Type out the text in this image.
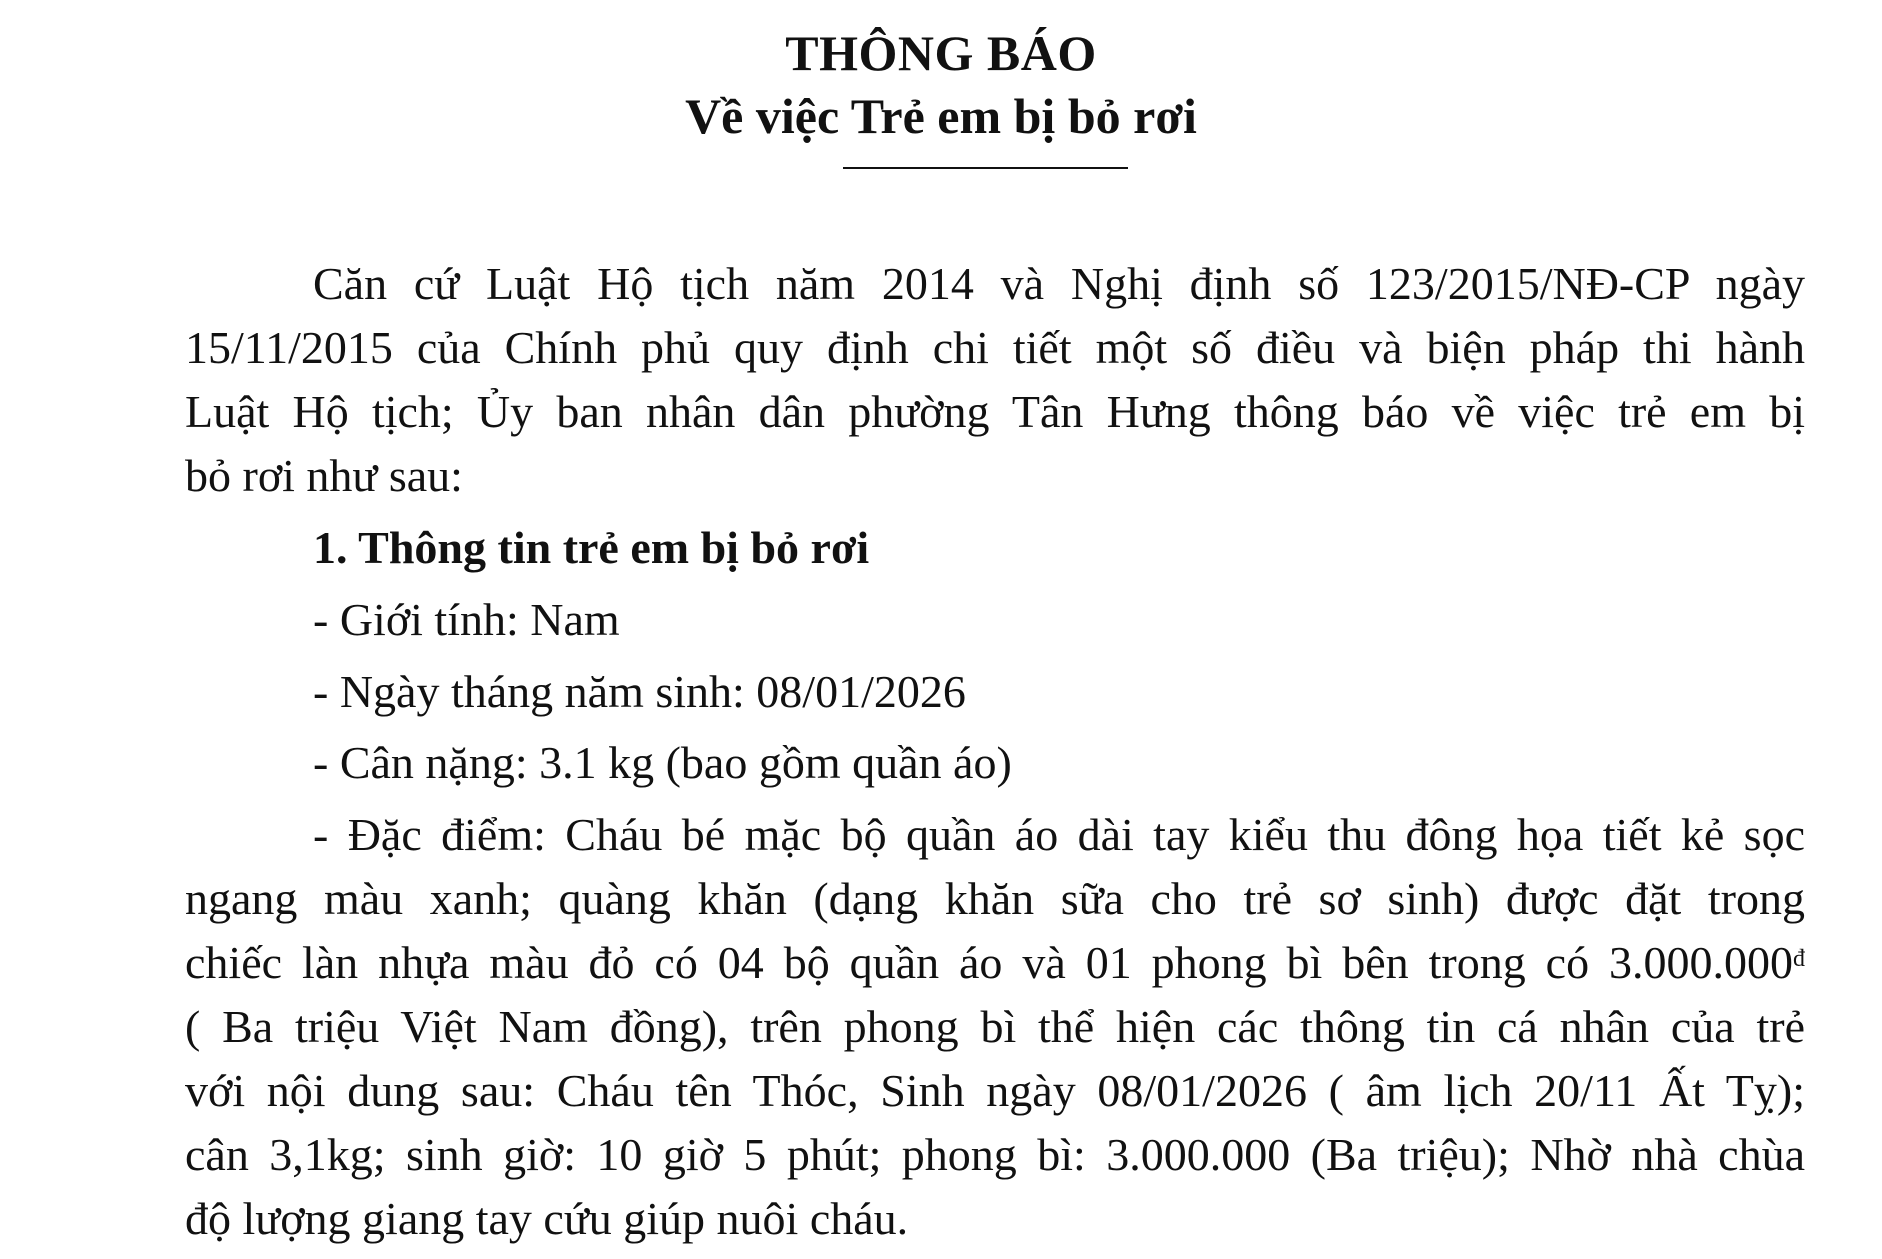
THÔNG BÁO
Về việc Trẻ em bị bỏ rơi
Căn cứ Luật Hộ tịch năm 2014 và Nghị định số 123/2015/NĐ-CP ngày
15/11/2015 của Chính phủ quy định chi tiết một số điều và biện pháp thi hành
Luật Hộ tịch; Ủy ban nhân dân phường Tân Hưng thông báo về việc trẻ em bị
bỏ rơi như sau:
1. Thông tin trẻ em bị bỏ rơi
- Giới tính: Nam
- Ngày tháng năm sinh: 08/01/2026
- Cân nặng: 3.1 kg (bao gồm quần áo)
- Đặc điểm: Cháu bé mặc bộ quần áo dài tay kiểu thu đông họa tiết kẻ sọc
ngang màu xanh; quàng khăn (dạng khăn sữa cho trẻ sơ sinh) được đặt trong
chiếc làn nhựa màu đỏ có 04 bộ quần áo và 01 phong bì bên trong có $3.000.000^đ$
( Ba triệu Việt Nam đồng), trên phong bì thể hiện các thông tin cá nhân của trẻ
với nội dung sau: Cháu tên Thóc, Sinh ngày 08/01/2026 ( âm lịch 20/11 Ất Tỵ);
cân 3,1kg; sinh giờ: 10 giờ 5 phút; phong bì: 3.000.000 (Ba triệu); Nhờ nhà chùa
độ lượng giang tay cứu giúp nuôi cháu.
